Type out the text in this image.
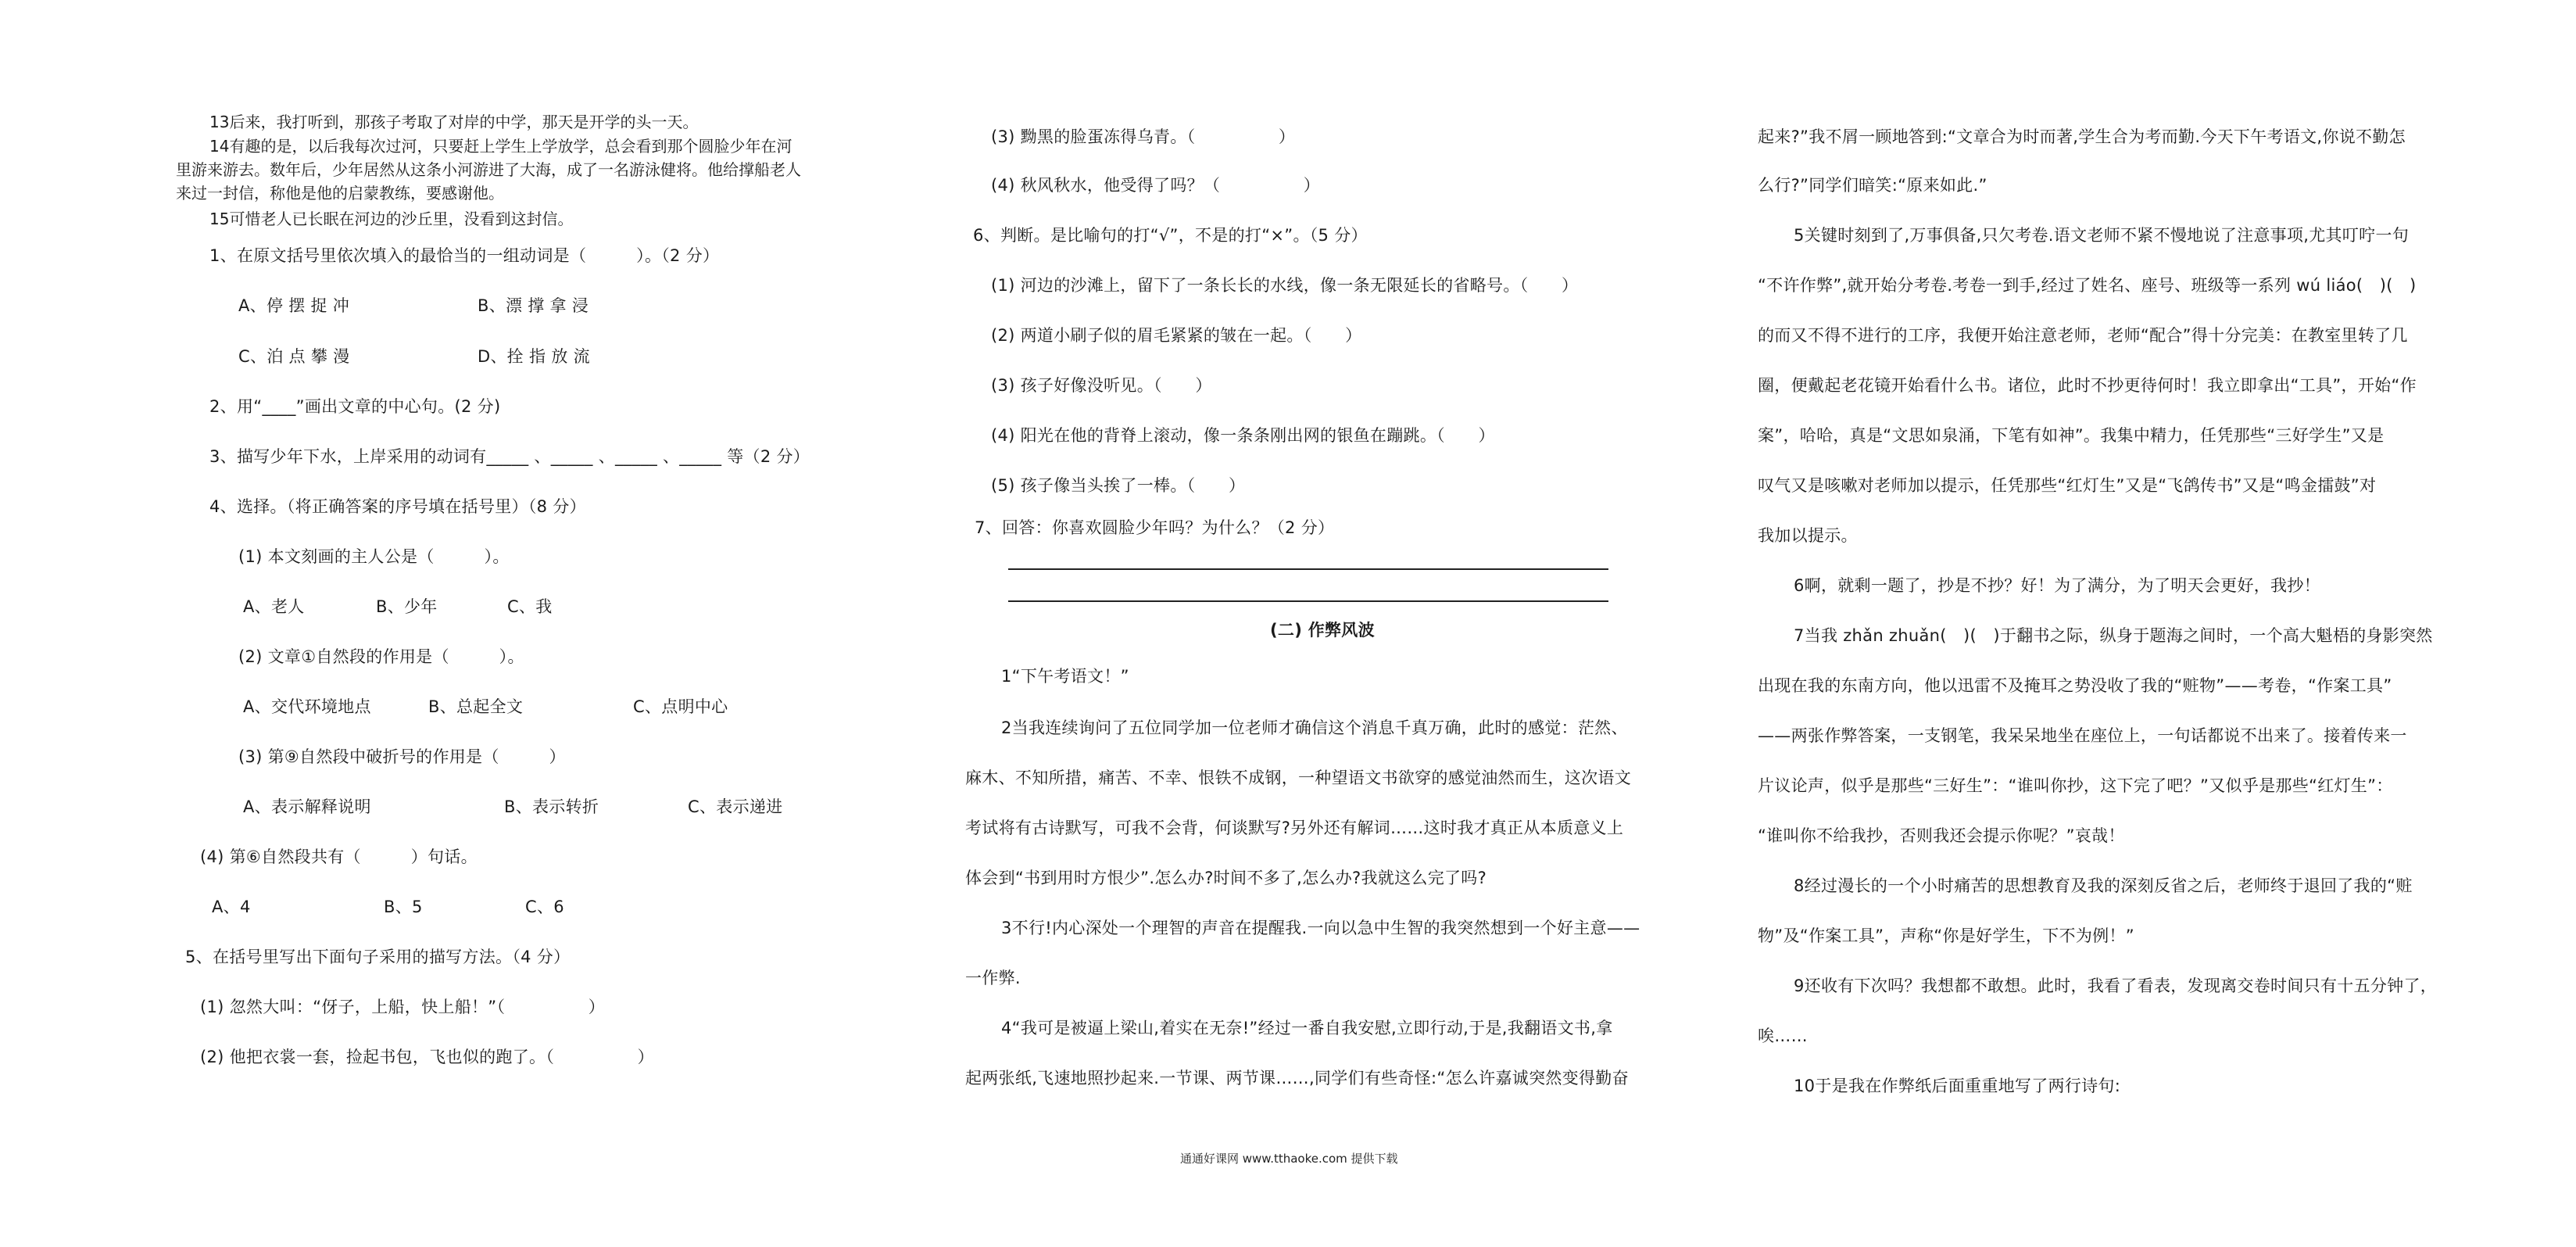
13后来，我打听到，那孩子考取了对岸的中学，那天是开学的头一天。
14有趣的是，以后我每次过河，只要赶上学生上学放学，总会看到那个圆脸少年在河
里游来游去。数年后，少年居然从这条小河游进了大海，成了一名游泳健将。他给撑船老人
来过一封信，称他是他的启蒙教练，要感谢他。
15可惜老人已长眠在河边的沙丘里，没看到这封信。
1、在原文括号里依次填入的最恰当的一组动词是（　　　）。（2 分）
A、停 摆 捉 冲	B、漂 撑 拿 浸
C、泊 点 攀 漫	D、拴 指 放 流
2、用“____”画出文章的中心句。(2 分)
3、描写少年下水，上岸采用的动词有_____ 、_____ 、_____ 、_____ 等（2 分）
4、选择。（将正确答案的序号填在括号里）（8 分）
(1) 本文刻画的主人公是（　　　）。
A、老人	B、少年	C、我
(2) 文章①自然段的作用是（　　　）。
A、交代环境地点	B、总起全文	C、点明中心
(3) 第⑨自然段中破折号的作用是（　　　）
A、表示解释说明	B、表示转折	C、表示递进
(4) 第⑥自然段共有（　　　）句话。
A、4	B、5	C、6
5、在括号里写出下面句子采用的描写方法。（4 分）
(1) 忽然大叫：“伢子，上船，快上船！”（　　　　　）
(2) 他把衣裳一套，捡起书包，飞也似的跑了。（　　　　　）
(3) 黝黑的脸蛋冻得乌青。（　　　　　）
(4) 秋风秋水，他受得了吗？（　　　　　）
6、判断。是比喻句的打“√”，不是的打“×”。（5 分）
(1) 河边的沙滩上，留下了一条长长的水线，像一条无限延长的省略号。（　　）
(2) 两道小刷子似的眉毛紧紧的皱在一起。（　　）
(3) 孩子好像没听见。（　　）
(4) 阳光在他的背脊上滚动，像一条条刚出网的银鱼在蹦跳。（　　）
(5) 孩子像当头挨了一棒。（　　）
7、回答：你喜欢圆脸少年吗？为什么？（2 分）
(二) 作弊风波
1“下午考语文！”
2当我连续询问了五位同学加一位老师才确信这个消息千真万确，此时的感觉：茫然、
麻木、不知所措，痛苦、不幸、恨铁不成钢，一种望语文书欲穿的感觉油然而生，这次语文
考试将有古诗默写，可我不会背，何谈默写?另外还有解词……这时我才真正从本质意义上
体会到“书到用时方恨少”.怎么办?时间不多了,怎么办?我就这么完了吗?
3不行!内心深处一个理智的声音在提醒我.一向以急中生智的我突然想到一个好主意——
一作弊.
4“我可是被逼上梁山,着实在无奈!”经过一番自我安慰,立即行动,于是,我翻语文书,拿
起两张纸,飞速地照抄起来.一节课、两节课……,同学们有些奇怪:“怎么许嘉诚突然变得勤奋
起来?”我不屑一顾地答到:“文章合为时而著,学生合为考而勤.今天下午考语文,你说不勤怎
么行?”同学们暗笑:“原来如此.”
5关键时刻到了,万事俱备,只欠考卷.语文老师不紧不慢地说了注意事项,尤其叮咛一句
“不许作弊”,就开始分考卷.考卷一到手,经过了姓名、座号、班级等一系列 wú liáo(　)(　)
的而又不得不进行的工序，我便开始注意老师，老师“配合”得十分完美：在教室里转了几
圈，便戴起老花镜开始看什么书。诸位，此时不抄更待何时！我立即拿出“工具”，开始“作
案”，哈哈，真是“文思如泉涌，下笔有如神”。我集中精力，任凭那些“三好学生”又是
叹气又是咳嗽对老师加以提示，任凭那些“红灯生”又是“飞鸽传书”又是“鸣金擂鼓”对
我加以提示。
6啊，就剩一题了，抄是不抄？好！为了满分，为了明天会更好，我抄！
7当我 zhǎn zhuǎn(　)(　)于翻书之际，纵身于题海之间时，一个高大魁梧的身影突然
出现在我的东南方向，他以迅雷不及掩耳之势没收了我的“赃物”——考卷，“作案工具”
——两张作弊答案，一支钢笔，我呆呆地坐在座位上，一句话都说不出来了。接着传来一
片议论声，似乎是那些“三好生”：“谁叫你抄，这下完了吧？”又似乎是那些“红灯生”：
“谁叫你不给我抄，否则我还会提示你呢？”哀哉！
8经过漫长的一个小时痛苦的思想教育及我的深刻反省之后，老师终于退回了我的“赃
物”及“作案工具”，声称“你是好学生，下不为例！”
9还收有下次吗？我想都不敢想。此时，我看了看表，发现离交卷时间只有十五分钟了，
唉……
10于是我在作弊纸后面重重地写了两行诗句:
通通好课网 www.tthaoke.com 提供下载
